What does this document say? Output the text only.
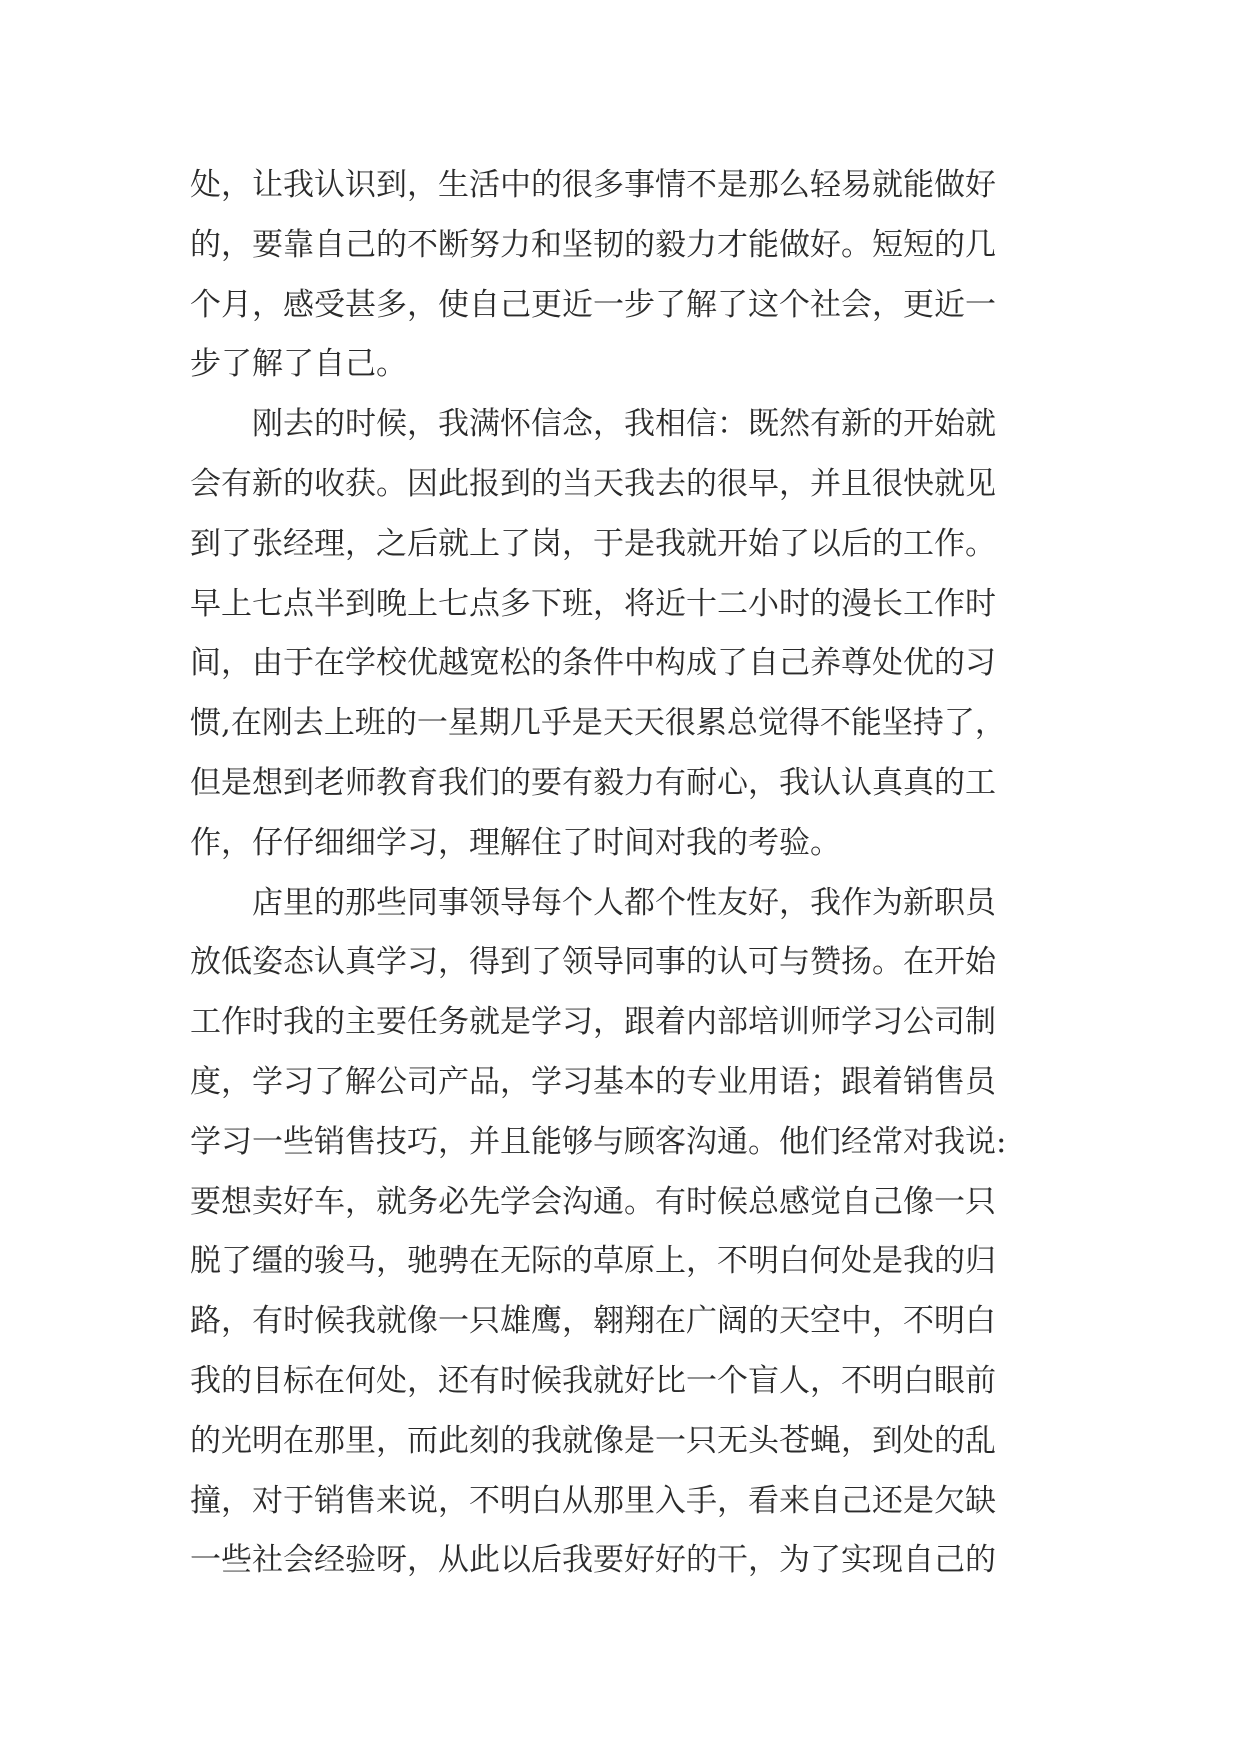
处，让我认识到，生活中的很多事情不是那么轻易就能做好
的，要靠自己的不断努力和坚韧的毅力才能做好。短短的几
个月，感受甚多，使自己更近一步了解了这个社会，更近一
步了解了自己。
刚去的时候，我满怀信念，我相信：既然有新的开始就
会有新的收获。因此报到的当天我去的很早，并且很快就见
到了张经理，之后就上了岗，于是我就开始了以后的工作。
早上七点半到晚上七点多下班，将近十二小时的漫长工作时
间，由于在学校优越宽松的条件中构成了自己养尊处优的习
惯,在刚去上班的一星期几乎是天天很累总觉得不能坚持了，
但是想到老师教育我们的要有毅力有耐心，我认认真真的工
作，仔仔细细学习，理解住了时间对我的考验。
店里的那些同事领导每个人都个性友好，我作为新职员
放低姿态认真学习，得到了领导同事的认可与赞扬。在开始
工作时我的主要任务就是学习，跟着内部培训师学习公司制
度，学习了解公司产品，学习基本的专业用语；跟着销售员
学习一些销售技巧，并且能够与顾客沟通。他们经常对我说:
要想卖好车，就务必先学会沟通。有时候总感觉自己像一只
脱了缰的骏马，驰骋在无际的草原上，不明白何处是我的归
路，有时候我就像一只雄鹰，翱翔在广阔的天空中，不明白
我的目标在何处，还有时候我就好比一个盲人，不明白眼前
的光明在那里，而此刻的我就像是一只无头苍蝇，到处的乱
撞，对于销售来说，不明白从那里入手，看来自己还是欠缺
一些社会经验呀，从此以后我要好好的干，为了实现自己的
